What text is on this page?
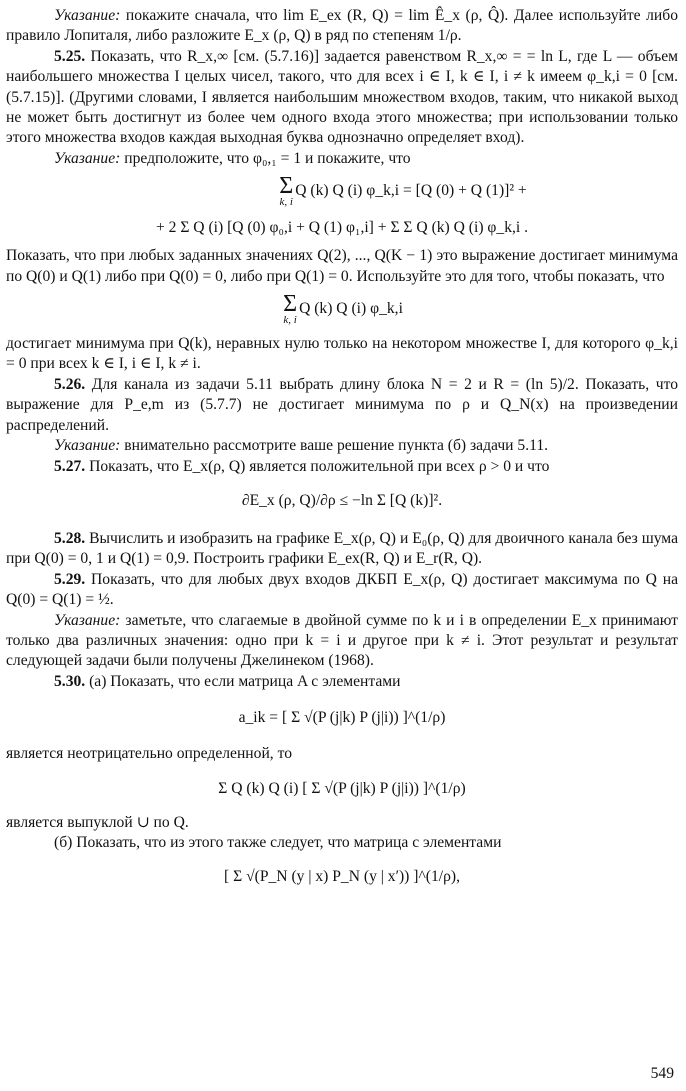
Указание: покажите сначала, что lim E_ex (R, Q) = lim Ê_x (ρ, Q̂). Далее используйте либо правило Лопиталя, либо разложите E_x (ρ, Q) в ряд по степеням 1/ρ.

5.25. Показать, что R_x,∞ [см. (5.7.16)] задается равенством R_x,∞ = = ln L, где L — объем наибольшего множества I целых чисел, такого, что для всех i ∈ I, k ∈ I, i ≠ k имеем φ_k,i = 0 [см. (5.7.15)]. (Другими словами, I является наибольшим множеством входов, таким, что никакой выход не может быть достигнут из более чем одного входа этого множества; при использовании только этого множества входов каждая выходная буква однозначно определяет вход).

Указание: предположите, что φ₀,₁ = 1 и покажите, что

Σ
k, i
Q (k) Q (i) φ_k,i = [Q (0) + Q (1)]² +
+ 2 Σ Q (i) [Q (0) φ₀,i + Q (1) φ₁,i] + Σ Σ Q (k) Q (i) φ_k,i .

Показать, что при любых заданных значениях Q(2), ..., Q(K − 1) это выражение достигает минимума по Q(0) и Q(1) либо при Q(0) = 0, либо при Q(1) = 0. Используйте это для того, чтобы показать, что

Σ
k, i
Q (k) Q (i) φ_k,i

достигает минимума при Q(k), неравных нулю только на некотором множестве I, для которого φ_k,i = 0 при всех k ∈ I, i ∈ I, k ≠ i.

5.26. Для канала из задачи 5.11 выбрать длину блока N = 2 и R = (ln 5)/2. Показать, что выражение для P_e,m из (5.7.7) не достигает минимума по ρ и Q_N(x) на произведении распределений.

Указание: внимательно рассмотрите ваше решение пункта (б) задачи 5.11.

5.27. Показать, что E_x(ρ, Q) является положительной при всех ρ > 0 и что

∂E_x (ρ, Q)/∂ρ ≤ −ln Σ [Q (k)]².

5.28. Вычислить и изобразить на графике E_x(ρ, Q) и E₀(ρ, Q) для двоичного канала без шума при Q(0) = 0, 1 и Q(1) = 0,9. Построить графики E_ex(R, Q) и E_r(R, Q).

5.29. Показать, что для любых двух входов ДКБП E_x(ρ, Q) достигает максимума по Q на Q(0) = Q(1) = ½.

Указание: заметьте, что слагаемые в двойной сумме по k и i в определении E_x принимают только два различных значения: одно при k = i и другое при k ≠ i. Этот результат и результат следующей задачи были получены Джелинеком (1968).

5.30. (а) Показать, что если матрица A с элементами

a_ik = [ Σ √(P (j|k) P (j|i)) ]^(1/ρ)

является неотрицательно определенной, то

Σ Q (k) Q (i) [ Σ √(P (j|k) P (j|i)) ]^(1/ρ)

является выпуклой ∪ по Q.

(б) Показать, что из этого также следует, что матрица с элементами

[ Σ √(P_N (y | x) P_N (y | x′)) ]^(1/ρ),
549
